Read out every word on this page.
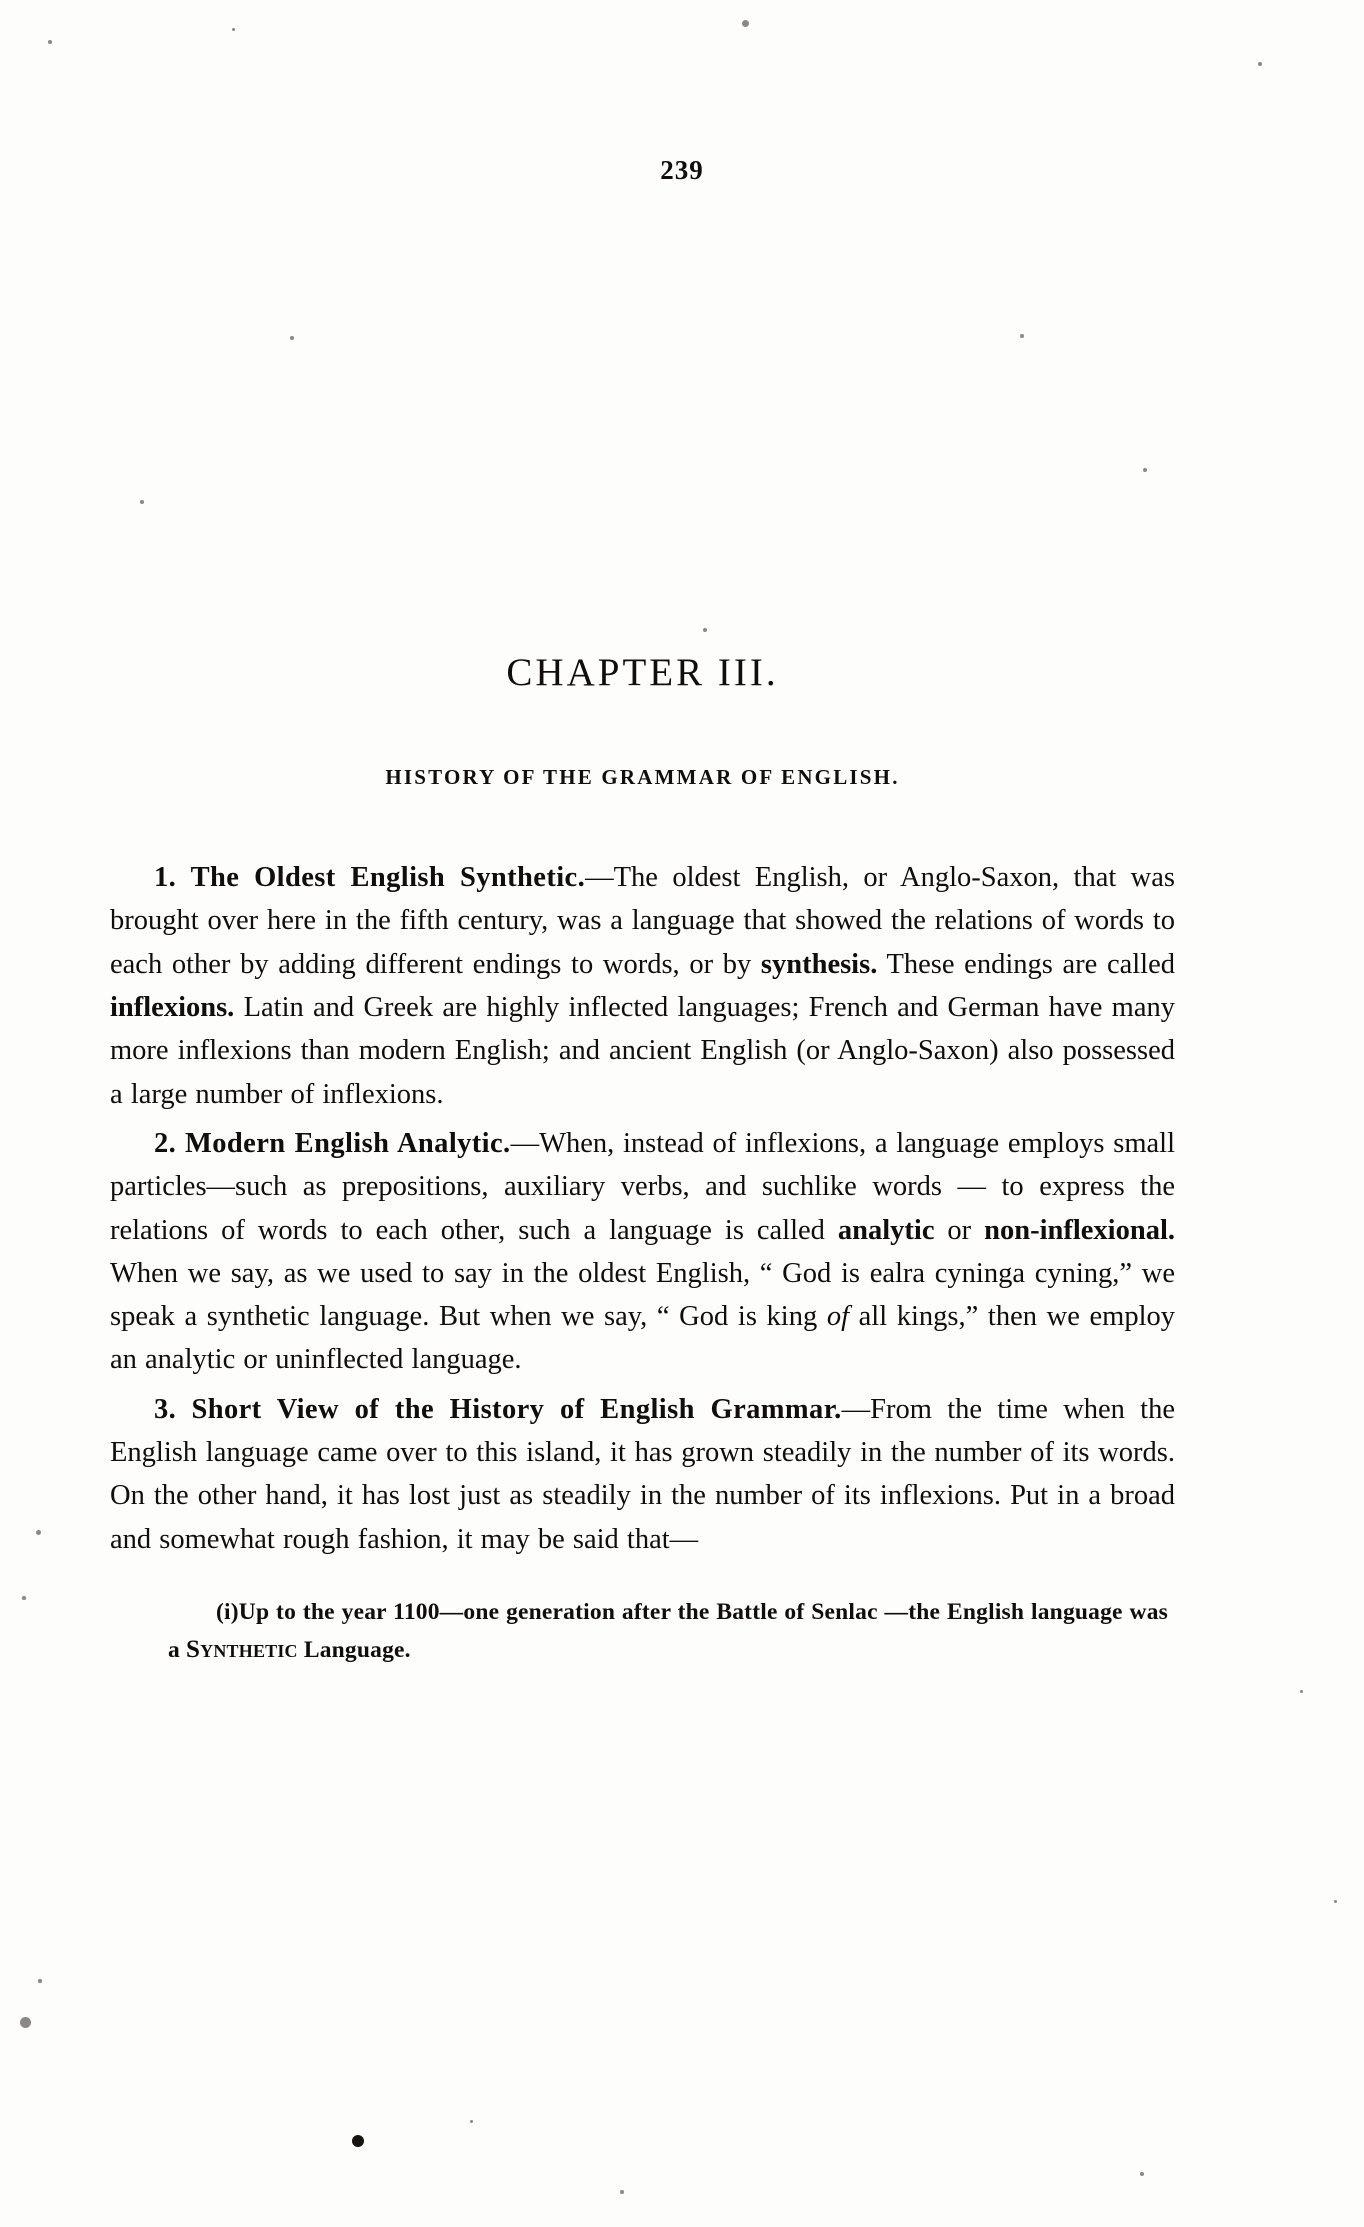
239
CHAPTER III.
HISTORY OF THE GRAMMAR OF ENGLISH.

1. The Oldest English Synthetic.—The oldest English, or Anglo-Saxon, that was brought over here in the fifth century, was a language that showed the relations of words to each other by adding different endings to words, or by synthesis. These endings are called inflexions. Latin and Greek are highly inflected languages; French and German have many more inflexions than modern English; and ancient English (or Anglo-Saxon) also possessed a large number of inflexions.

2. Modern English Analytic.—When, instead of inflexions, a language employs small particles—such as prepositions, auxiliary verbs, and suchlike words — to express the relations of words to each other, such a language is called analytic or non-inflexional. When we say, as we used to say in the oldest English, “ God is ealra cyninga cyning,” we speak a synthetic language. But when we say, “ God is king of all kings,” then we employ an analytic or uninflected language.

3. Short View of the History of English Grammar.—From the time when the English language came over to this island, it has grown steadily in the number of its words. On the other hand, it has lost just as steadily in the number of its inflexions. Put in a broad and somewhat rough fashion, it may be said that—

(i)Up to the year 1100—one generation after the Battle of Senlac —the English language was a Synthetic Language.
